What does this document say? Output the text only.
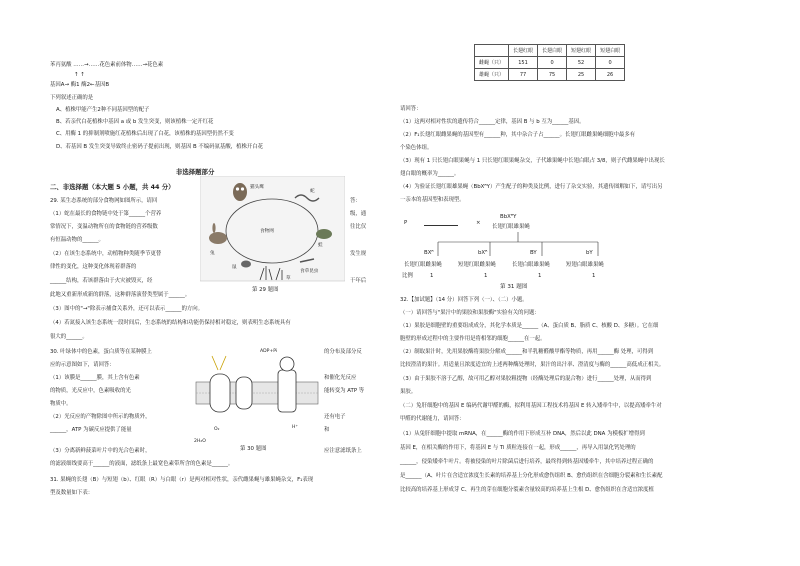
苯丙氨酸 ……→……花色素前体物……→花色素
↑ ↑
基因A→ 酶1 酶2←基因B
下列叙述正确的是
A、植株甲能产生2种不同基因型的配子
B、若亲代白花植株中基因 a 或 b 发生突变，则该植株一定开红花
C、用酶 1 的抑制剂喷施红花植株后出现了白花，该植株的基因型仍然不变
D、若基因 B 发生突变导致终止密码子提前出现，则基因 B 不编码氨基酸，植株开白花
非选择题部分
二、非选择题（本大题 5 小题，共 44 分）
29. 某生态系统的部分食物网如图所示，请回
（1）蛇在最长的食物链中处于第______个营养
常情况下，变温动物所在的食物链的营养级数
有恒温动物的______。
（2）在该生态系统中，动植物种类随季节更替
律性的变化，这种变化体现着群落的
______结构，若该群落由于火灾被毁灭，经
此地又重新形成新的群落，这种群落演替类型属于______。
（3）图中的"→"除表示捕食关系外，还可以表示______的方向。
（4）若氮接入该生态系统一段时间后，生态系统的结构和功能仍保持相对稳定，则表明生态系统具有
很大的______。
答：
级，通
往比仅
发生规
干年后
猫头鹰
蛇
兔
蛙
鼠
食草昆虫
草
食物网
第 29 题图
30. 叶绿体中的色素，蛋白质等在某种膜上
应的示意图如下，请回答：
（1）该膜是______膜，其上含有色素
的物质，光反应中，色素吸收的光
物质中。
（2）光反应的产物除图中所示的物质外，
______，ATP 为碳反应提供了能量
（3）分离新鲜菠菜叶片中的光合色素时，
的滤液细线要高于______的液面，滤纸条上最宽色素带所含的色素是______。
的分布及部分反
和催化光反应
能转变为 ATP 等
还有电子
和
应注意滤纸条上
ADP+Pi
O₂
2H₂O
H⁺
第 30 题图
31. 果蝇的长翅（B）与短翅（b）、红眼（R）与白眼（r）是两对相对性状，亲代雌果蝇与雄果蝇杂交，F₁表现
型及数量如下表：
	长翅红眼	长翅白眼	短翅红眼	短翅白眼
雌蝇（只）	151	0	52	0
雄蝇（只）	77	75	25	26
请回答：
（1）这两对相对性状的遗传符合______定律，基因 B 与 b 互为______基因。
（2）F₁长翅红眼雌果蝇的基因型有______种，其中杂合子占______。长翅红眼雌果蝇细胞中最多有
个染色体组。
（3）现有 1 只长翅白眼果蝇与 1 只长翅红眼果蝇杂交，子代雄果蝇中长翅白眼占 3/8，则子代雌果蝇中出现长
翅白眼的概率为______。
（4）为验证长翅红眼雄果蝇（BbXᴿY）产生配子的种类及比例，进行了杂交实验，其遗传图解如下，请写出另
一亲本的基因型和表现型。
P	×
BbXᴿY
长翅红眼雄果蝇
BXᴿ	bXᴿ	BY	bY
长翅红眼雌果蝇	短翅红眼雌果蝇	长翅白眼雄果蝇	短翅白眼雄果蝇
比例	1	1	1	1
第 31 题图
32.【加试题】（14 分）回答下列（一）、（二）小题。
（一）请回答与"果汁中的果胶和果胶酶"实验有关的问题：
（1）果胶是细胞壁的重要组成成分，其化学本质是______（A、蛋白质 B、脂质 C、核酸 D、多糖）。它在细
胞壁的形成过程中的主要作用是将相邻的细胞______在一起。
（2）制取果汁时，先用果胶酶将果胶分解成______和半乳糖醛酸甲酯等物质，再用______酶 处理，可得到
比较澄清的果汁。用适量且浓度适宜的上述两种酶处理时，果汁的出汁率、澄清度与酶的______高低成正相关。
（3）由于果胶不溶于乙醇，故可用乙醇对果胶粗提物（经酶处理后的混合物）进行______处理，从而得到
果胶。
（二）兔肝细胞中的基因 E 编码代谢甲醛的酶，拟利用基因工程技术将基因 E 转入矮牵牛中，以提高矮牵牛对
甲醛的代谢能力，请回答：
（1）从兔肝细胞中提取 mRNA，在______酶的作用下形成互补 DNA，然后以此 DNA 为模板扩增得到
基因 E，在相关酶的作用下，将基因 E 与 Ti 质粒连接在一起，形成______，再导入用氯化钙处理的
______，侵染矮牵牛叶片。将被侵染的叶片除菌后进行培养，最终得到转基因矮牵牛，其中培养过程正确的
是______（A、叶片在含适宜浓度生长素的培养基上分化形成愈伤组织 B、愈伤组织在含细胞分裂素和生长素配
比较高的培养基上形成芽 C、再生的芽在细胞分裂素含量较高的培养基上生根 D、愈伤组织在含适宜浓度植
